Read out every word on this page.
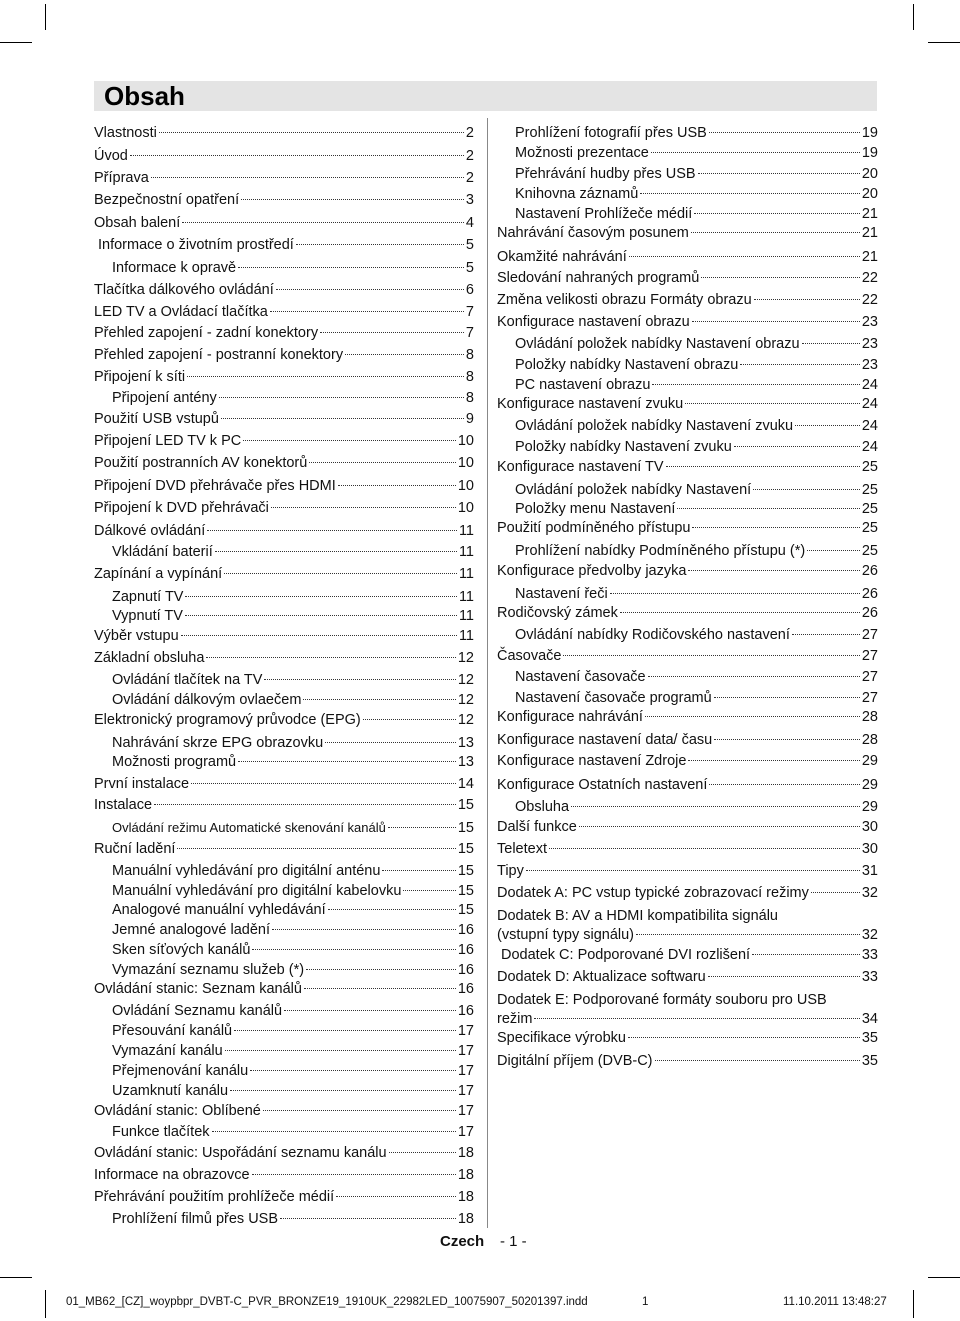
Obsah
Vlastnosti	2
Úvod	2
Příprava	2
Bezpečnostní opatření	3
Obsah balení	4
Informace o životním prostředí	5
Informace k opravě	5
Tlačítka dálkového ovládání	6
LED TV a Ovládací tlačítka	7
Přehled zapojení - zadní konektory	7
Přehled zapojení - postranní konektory	8
Připojení k síti	8
Připojení antény	8
Použití USB vstupů	9
Připojení LED TV k PC	10
Použití postranních AV konektorů	10
Připojení DVD přehrávače přes HDMI	10
Připojení k DVD přehrávači	10
Dálkové ovládání	11
Vkládání baterií	11
Zapínání a vypínání	11
Zapnutí TV	11
Vypnutí TV	11
Výběr vstupu	11
Základní obsluha	12
Ovládání tlačítek na TV	12
Ovládání dálkovým ovlaečem	12
Elektronický programový průvodce (EPG)	12
Nahrávání skrze EPG obrazovku	13
Možnosti programů	13
První instalace	14
Instalace	15
Ovládání režimu Automatické skenování kanálů	15
Ruční ladění	15
Manuální vyhledávání pro digitální anténu	15
Manuální vyhledávání pro digitální kabelovku	15
Analogové manuální vyhledávání	15
Jemné analogové ladění	16
Sken síťových kanálů	16
Vymazání seznamu služeb (*)	16
Ovládání stanic: Seznam kanálů	16
Ovládání Seznamu kanálů	16
Přesouvání kanálů	17
Vymazání kanálu	17
Přejmenování kanálu	17
Uzamknutí kanálu	17
Ovládání stanic: Oblíbené	17
Funkce tlačítek	17
Ovládání stanic: Uspořádání seznamu kanálu	18
Informace na obrazovce	18
Přehrávání použitím prohlížeče médií	18
Prohlížení filmů přes USB	18
Prohlížení fotografií přes USB	19
Možnosti prezentace	19
Přehrávání hudby přes USB	20
Knihovna záznamů	20
Nastavení Prohlížeče médií	21
Nahrávání časovým posunem	21
Okamžité nahrávání	21
Sledování nahraných programů	22
Změna velikosti obrazu Formáty obrazu	22
Konfigurace nastavení obrazu	23
Ovládání položek nabídky Nastavení obrazu	23
Položky nabídky Nastavení obrazu	23
PC nastavení obrazu	24
Konfigurace nastavení zvuku	24
Ovládání položek nabídky Nastavení zvuku	24
Položky nabídky Nastavení zvuku	24
Konfigurace nastavení TV	25
Ovládání položek nabídky Nastavení	25
Položky menu Nastavení	25
Použití podmíněného přístupu	25
Prohlížení nabídky Podmíněného přístupu (*)	25
Konfigurace předvolby jazyka	26
Nastavení řeči	26
Rodičovský zámek	26
Ovládání nabídky Rodičovského nastavení	27
Časovače	27
Nastavení časovače	27
Nastavení časovače programů	27
Konfigurace nahrávání	28
Konfigurace nastavení data/ času	28
Konfigurace nastavení Zdroje	29
Konfigurace Ostatních nastavení	29
Obsluha	29
Další funkce	30
Teletext	30
Tipy	31
Dodatek A: PC vstup typické zobrazovací režimy	32
Dodatek B: AV a HDMI kompatibilita signálu
(vstupní typy signálu)	32
Dodatek C: Podporované DVI rozlišení	33
Dodatek D: Aktualizace softwaru	33
Dodatek E: Podporované formáty souboru pro USB
režim	34
Specifikace výrobku	35
Digitální příjem (DVB-C)	35
Czech - 1 -
01_MB62_[CZ]_woypbpr_DVBT-C_PVR_BRONZE19_1910UK_22982LED_10075907_50201397.indd	1	11.10.2011 13:48:27
